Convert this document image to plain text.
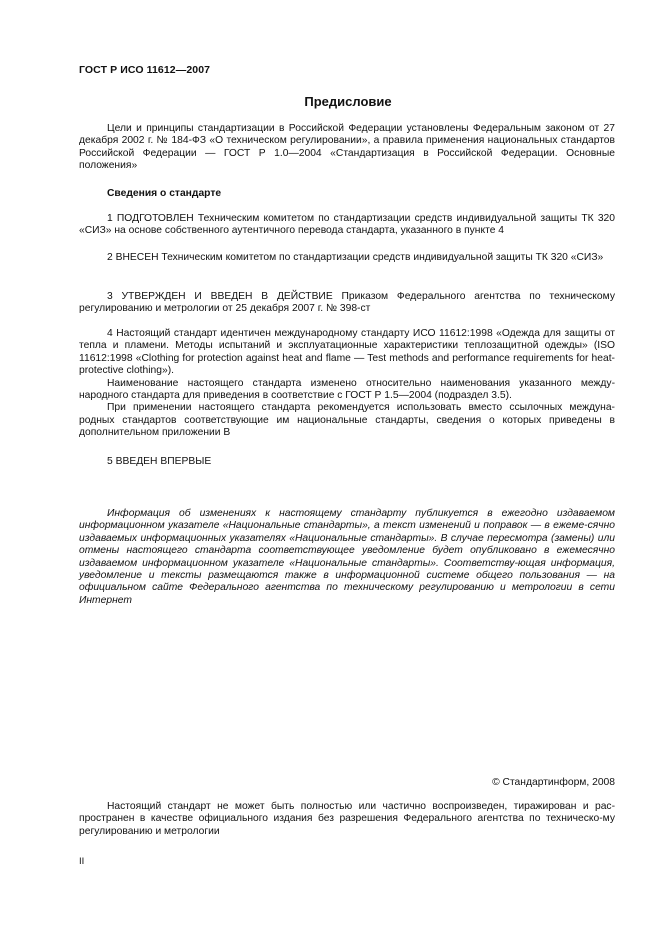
ГОСТ Р ИСО 11612—2007
Предисловие

Цели и принципы стандартизации в Российской Федерации установлены Федеральным законом от 27 декабря 2002 г. № 184-ФЗ «О техническом регулировании», а правила применения национальных стандартов Российской Федерации — ГОСТ Р 1.0—2004 «Стандартизация в Российской Федерации. Основные положения»

Сведения о стандарте

1 ПОДГОТОВЛЕН Техническим комитетом по стандартизации средств индивидуальной защиты ТК 320 «СИЗ» на основе собственного аутентичного перевода стандарта, указанного в пункте 4

2 ВНЕСЕН Техническим комитетом по стандартизации средств индивидуальной защиты ТК 320 «СИЗ»

3 УТВЕРЖДЕН И ВВЕДЕН В ДЕЙСТВИЕ Приказом Федерального агентства по техническому регулированию и метрологии от 25 декабря 2007 г. № 398-ст

4 Настоящий стандарт идентичен международному стандарту ИСО 11612:1998 «Одежда для защиты от тепла и пламени. Методы испытаний и эксплуатационные характеристики теплозащитной одежды» (ISO 11612:1998 «Clothing for protection against heat and flame — Test methods and performance requirements for heat-protective clothing»).

Наименование настоящего стандарта изменено относительно наименования указанного между-народного стандарта для приведения в соответствие с ГОСТ Р 1.5—2004 (подраздел 3.5).

При применении настоящего стандарта рекомендуется использовать вместо ссылочных междуна-родных стандартов соответствующие им национальные стандарты, сведения о которых приведены в дополнительном приложении В

5 ВВЕДЕН ВПЕРВЫЕ

Информация об изменениях к настоящему стандарту публикуется в ежегодно издаваемом информационном указателе «Национальные стандарты», а текст изменений и поправок — в ежеме-сячно издаваемых информационных указателях «Национальные стандарты». В случае пересмотра (замены) или отмены настоящего стандарта соответствующее уведомление будет опубликовано в ежемесячно издаваемом информационном указателе «Национальные стандарты». Соответству-ющая информация, уведомление и тексты размещаются также в информационной системе общего пользования — на официальном сайте Федерального агентства по техническому регулированию и метрологии в сети Интернет

© Стандартинформ, 2008

Настоящий стандарт не может быть полностью или частично воспроизведен, тиражирован и рас-пространен в качестве официального издания без разрешения Федерального агентства по техническо-му регулированию и метрологии

II
